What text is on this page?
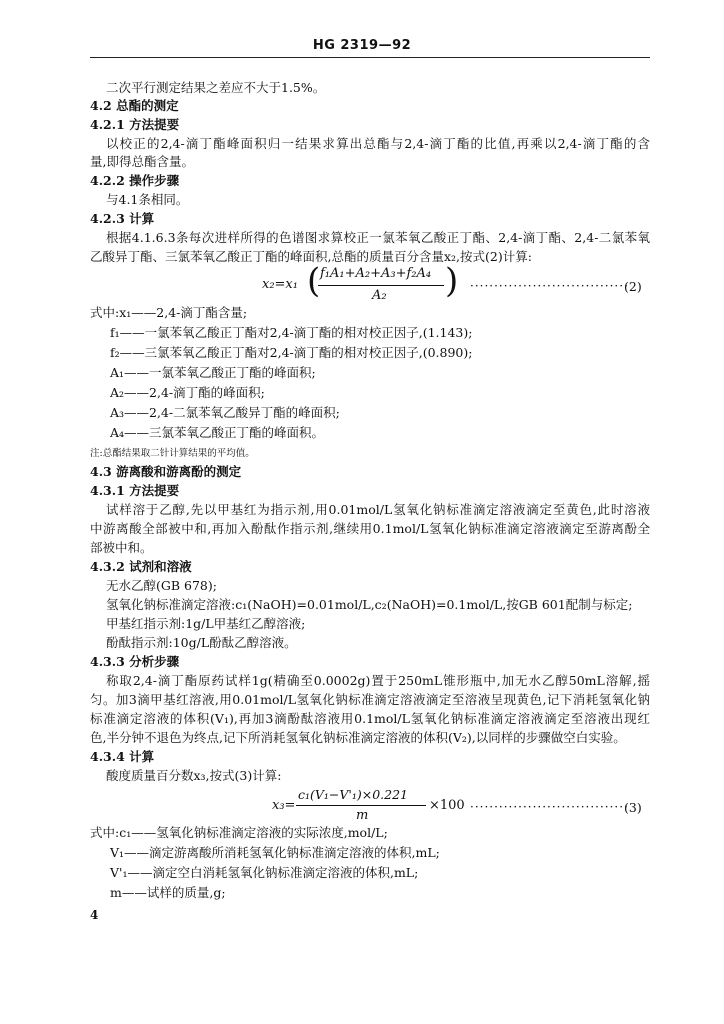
HG 2319—92
二次平行测定结果之差应不大于1.5%。
4.2 总酯的测定
4.2.1 方法提要
以校正的2,4-滴丁酯峰面积归一结果求算出总酯与2,4-滴丁酯的比值,再乘以2,4-滴丁酯的含
量,即得总酯含量。
4.2.2 操作步骤
与4.1条相同。
4.2.3 计算
根据4.1.6.3条每次进样所得的色谱图求算校正一氯苯氧乙酸正丁酯、2,4-滴丁酯、2,4-二氯苯氧
乙酸异丁酯、三氯苯氧乙酸正丁酯的峰面积,总酯的质量百分含量x₂,按式(2)计算:
x₂=x₁ ( f₁A₁+A₂+A₃+f₂A₄
A₂ ) ·································
(2)
式中:x₁——2,4-滴丁酯含量;
f₁——一氯苯氧乙酸正丁酯对2,4-滴丁酯的相对校正因子,(1.143);
f₂——三氯苯氧乙酸正丁酯对2,4-滴丁酯的相对校正因子,(0.890);
A₁——一氯苯氧乙酸正丁酯的峰面积;
A₂——2,4-滴丁酯的峰面积;
A₃——2,4-二氯苯氧乙酸异丁酯的峰面积;
A₄——三氯苯氧乙酸正丁酯的峰面积。
注:总酯结果取二针计算结果的平均值。
4.3 游离酸和游离酚的测定
4.3.1 方法提要
试样溶于乙醇,先以甲基红为指示剂,用0.01mol/L氢氧化钠标准滴定溶液滴定至黄色,此时溶液
中游离酸全部被中和,再加入酚酞作指示剂,继续用0.1mol/L氢氧化钠标准滴定溶液滴定至游离酚全
部被中和。
4.3.2 试剂和溶液
无水乙醇(GB 678);
氢氧化钠标准滴定溶液:c₁(NaOH)=0.01mol/L,c₂(NaOH)=0.1mol/L,按GB 601配制与标定;
甲基红指示剂:1g/L甲基红乙醇溶液;
酚酞指示剂:10g/L酚酞乙醇溶液。
4.3.3 分析步骤
称取2,4-滴丁酯原药试样1g(精确至0.0002g)置于250mL锥形瓶中,加无水乙醇50mL溶解,摇
匀。加3滴甲基红溶液,用0.01mol/L氢氧化钠标准滴定溶液滴定至溶液呈现黄色,记下消耗氢氧化钠
标准滴定溶液的体积(V₁),再加3滴酚酞溶液用0.1mol/L氢氧化钠标准滴定溶液滴定至溶液出现红
色,半分钟不退色为终点,记下所消耗氢氧化钠标准滴定溶液的体积(V₂),以同样的步骤做空白实验。
4.3.4 计算
酸度质量百分数x₃,按式(3)计算:
x₃=
c₁(V₁−V'₁)×0.221
m
×100 ·································
(3)
式中:c₁——氢氧化钠标准滴定溶液的实际浓度,mol/L;
V₁——滴定游离酸所消耗氢氧化钠标准滴定溶液的体积,mL;
V'₁——滴定空白消耗氢氧化钠标准滴定溶液的体积,mL;
m——试样的质量,g;
4
